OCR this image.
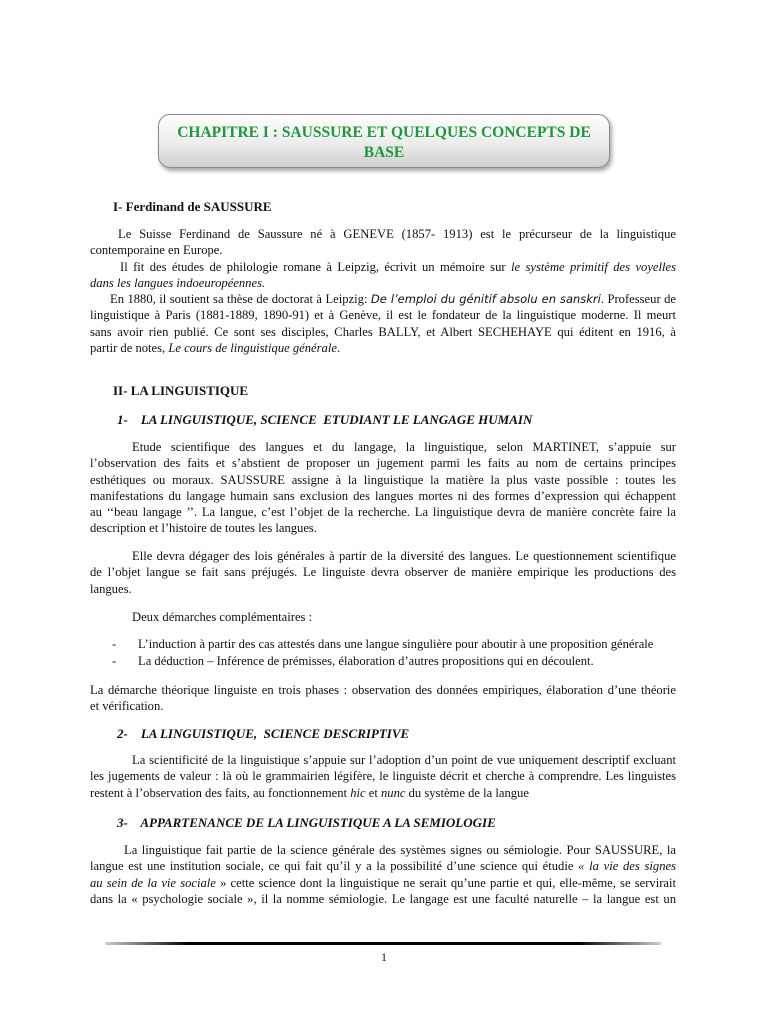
CHAPITRE I : SAUSSURE ET QUELQUES CONCEPTS DE
BASE
I- Ferdinand de SAUSSURE
Le Suisse Ferdinand de Saussure né à GENEVE (1857- 1913) est le précurseur de la linguistique
contemporaine en Europe.
Il fit des études de philologie romane à Leipzig, écrivit un mémoire sur le système primitif des voyelles
dans les langues indoeuropéennes.
En 1880, il soutient sa thèse de doctorat à Leipzig: De l’emploi du génitif absolu en sanskri. Professeur de
linguistique à Paris (1881-1889, 1890-91) et à Genève, il est le fondateur de la linguistique moderne. Il meurt
sans avoir rien publié. Ce sont ses disciples, Charles BALLY, et Albert SECHEHAYE qui éditent en 1916, à
partir de notes, Le cours de linguistique générale.
II- LA LINGUISTIQUE
1-    LA LINGUISTIQUE, SCIENCE  ETUDIANT LE LANGAGE HUMAIN
Etude scientifique des langues et du langage, la linguistique, selon MARTINET, s’appuie sur
l’observation des faits et s’abstient de proposer un jugement parmi les faits au nom de certains principes
esthétiques ou moraux. SAUSSURE assigne à la linguistique la matière la plus vaste possible : toutes les
manifestations du langage humain sans exclusion des langues mortes ni des formes d’expression qui échappent
au ‘‘beau langage ’’. La langue, c’est l’objet de la recherche. La linguistique devra de manière concrète faire la
description et l’histoire de toutes les langues.
Elle devra dégager des lois générales à partir de la diversité des langues. Le questionnement scientifique
de l’objet langue se fait sans préjugés. Le linguiste devra observer de manière empirique les productions des
langues.
Deux démarches complémentaires :
- L’induction à partir des cas attestés dans une langue singulière pour aboutir à une proposition générale
- La déduction – Inférence de prémisses, élaboration d’autres propositions qui en découlent.
La démarche théorique linguiste en trois phases : observation des données empiriques, élaboration d’une théorie
et vérification.
2-    LA LINGUISTIQUE,  SCIENCE DESCRIPTIVE
La scientificité de la linguistique s’appuie sur l’adoption d’un point de vue uniquement descriptif excluant
les jugements de valeur : là où le grammairien légifère, le linguiste décrit et cherche à comprendre. Les linguistes
restent à l’observation des faits, au fonctionnement hic et nunc du système de la langue
3-    APPARTENANCE DE LA LINGUISTIQUE A LA SEMIOLOGIE
La linguistique fait partie de la science générale des systèmes signes ou sémiologie. Pour SAUSSURE, la
langue est une institution sociale, ce qui fait qu’il y a la possibilité d’une science qui étudie « la vie des signes
au sein de la vie sociale » cette science dont la linguistique ne serait qu’une partie et qui, elle-même, se servirait
dans la « psychologie sociale », il la nomme sémiologie. Le langage est une faculté naturelle – la langue est un
1
